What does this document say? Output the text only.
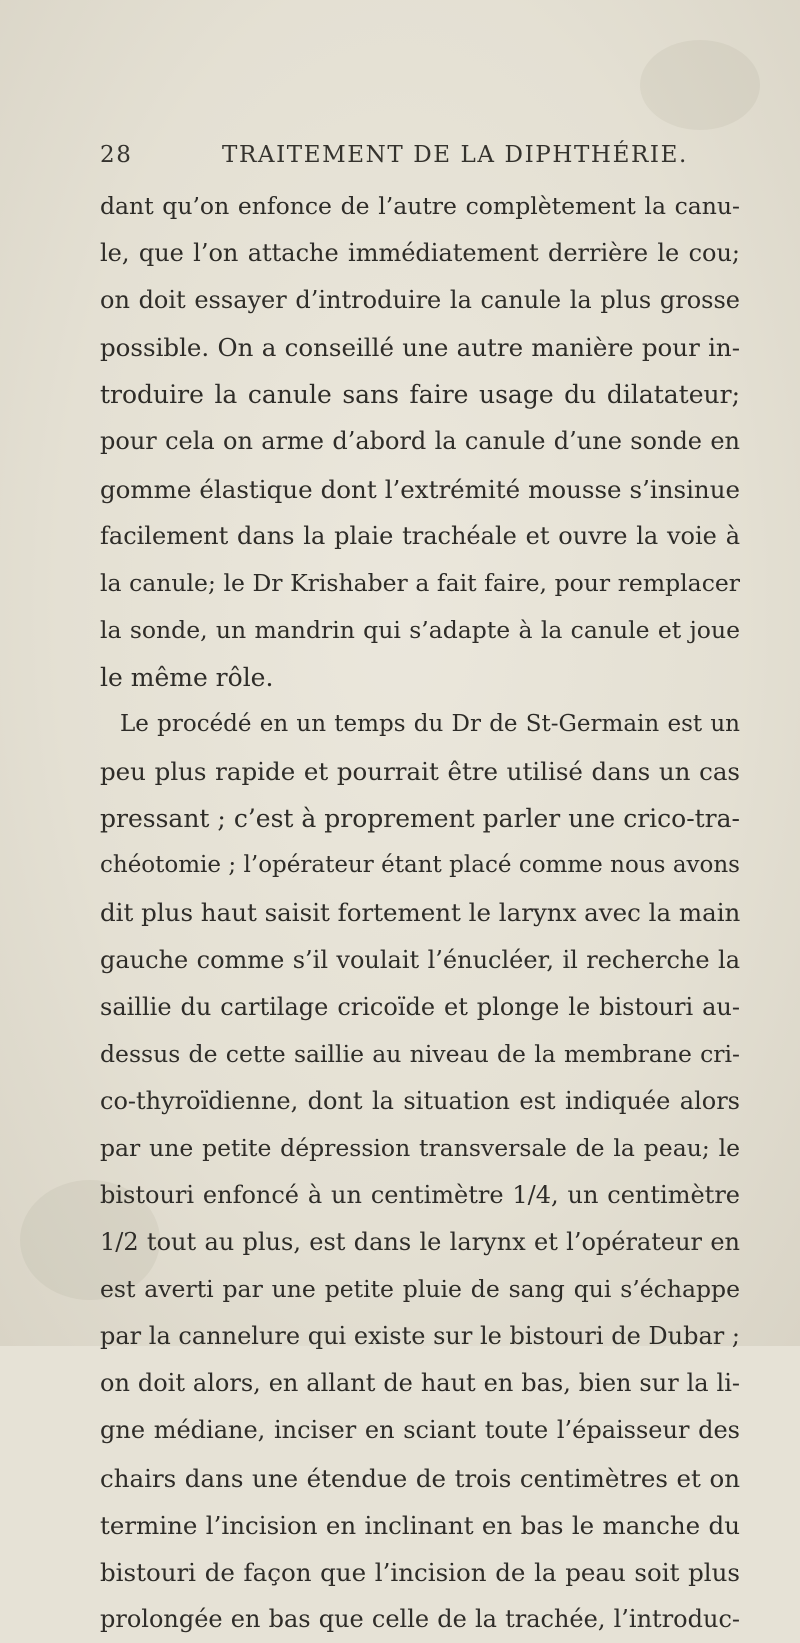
28	TRAITEMENT DE LA DIPHTHÉRIE.
dant qu’on enfonce de l’autre complètement la canu-
le, que l’on attache immédiatement derrière le cou;
on doit essayer d’introduire la canule la plus grosse
possible. On a conseillé une autre manière pour in-
troduire la canule sans faire usage du dilatateur;
pour cela on arme d’abord la canule d’une sonde en
gomme élastique dont l’extrémité mousse s’insinue
facilement dans la plaie trachéale et ouvre la voie à
la canule; le Dr Krishaber a fait faire, pour remplacer
la sonde, un mandrin qui s’adapte à la canule et joue
le même rôle.
Le procédé en un temps du Dr de St-Germain est un
peu plus rapide et pourrait être utilisé dans un cas
pressant ; c’est à proprement parler une crico-tra-
chéotomie ; l’opérateur étant placé comme nous avons
dit plus haut saisit fortement le larynx avec la main
gauche comme s’il voulait l’énucléer, il recherche la
saillie du cartilage cricoïde et plonge le bistouri au-
dessus de cette saillie au niveau de la membrane cri-
co-thyroïdienne, dont la situation est indiquée alors
par une petite dépression transversale de la peau; le
bistouri enfoncé à un centimètre 1/4, un centimètre
1/2 tout au plus, est dans le larynx et l’opérateur en
est averti par une petite pluie de sang qui s’échappe
par la cannelure qui existe sur le bistouri de Dubar ;
on doit alors, en allant de haut en bas, bien sur la li-
gne médiane, inciser en sciant toute l’épaisseur des
chairs dans une étendue de trois centimètres et on
termine l’incision en inclinant en bas le manche du
bistouri de façon que l’incision de la peau soit plus
prolongée en bas que celle de la trachée, l’introduc-
